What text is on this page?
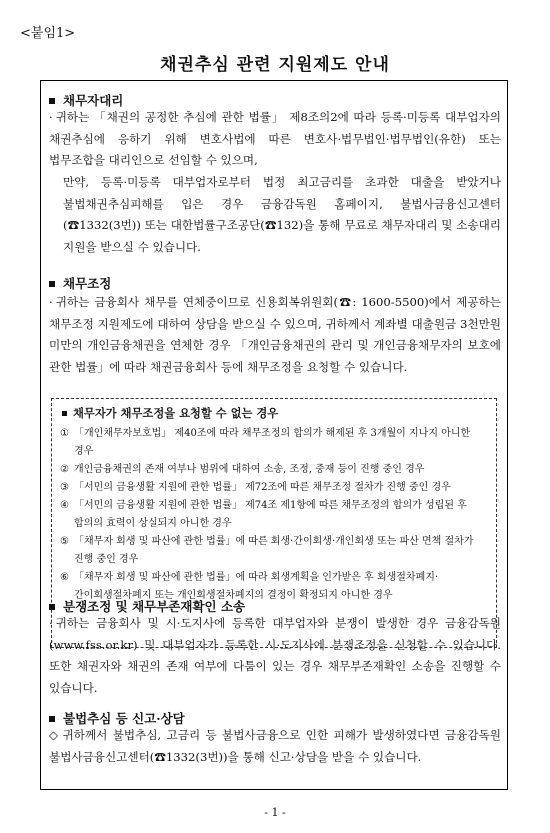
<붙임1>
채권추심 관련 지원제도 안내
채무자대리
· 귀하는 「채권의 공정한 추심에 관한 법률」 제8조의2에 따라 등록·미등록 대부업자의 채권추심에 응하기 위해 변호사법에 따른 변호사·법무법인·법무법인(유한) 또는 법무조합을 대리인으로 선임할 수 있으며,
만약, 등록·미등록 대부업자로부터 법정 최고금리를 초과한 대출을 받았거나 불법채권추심피해를 입은 경우 금융감독원 홈페이지, 불법사금융신고센터(☎1332(3번)) 또는 대한법률구조공단(☎132)을 통해 무료로 채무자대리 및 소송대리 지원을 받으실 수 있습니다.
채무조정
· 귀하는 금융회사 채무를 연체중이므로 신용회복위원회(☎: 1600-5500)에서 제공하는 채무조정 지원제도에 대하여 상담을 받으실 수 있으며, 귀하께서 계좌별 대출원금 3천만원 미만의 개인금융채권을 연체한 경우 「개인금융채권의 관리 및 개인금융채무자의 보호에 관한 법률」에 따라 채권금융회사 등에 채무조정을 요청할 수 있습니다.
채무자가 채무조정을 요청할 수 없는 경우
① 「개인채무자보호법」 제40조에 따라 채무조정의 합의가 해제된 후 3개월이 지나지 아니한 경우
② 개인금융채권의 존재 여부나 범위에 대하여 소송, 조정, 중재 등이 진행 중인 경우
③ 「서민의 금융생활 지원에 관한 법률」 제72조에 따른 채무조정 절차가 진행 중인 경우
④ 「서민의 금융생활 지원에 관한 법률」 제74조 제1항에 따른 채무조정의 합의가 성립된 후 합의의 효력이 상실되지 아니한 경우
⑤ 「채무자 회생 및 파산에 관한 법률」에 따른 회생·간이회생·개인회생 또는 파산 면책 절차가 진행 중인 경우
⑥ 「채무자 회생 및 파산에 관한 법률」에 따라 회생계획을 인가받은 후 회생절차폐지·간이회생절차폐지 또는 개인회생절차폐지의 결정이 확정되지 아니한 경우
분쟁조정 및 채무부존재확인 소송
· 귀하는 금융회사 및 시·도지사에 등록한 대부업자와 분쟁이 발생한 경우 금융감독원(www.fss.or.kr) 및 대부업자가 등록한 시·도지사에 분쟁조정을 신청할 수 있습니다. 또한 채권자와 채권의 존재 여부에 다툼이 있는 경우 채무부존재확인 소송을 진행할 수 있습니다.
불법추심 등 신고·상담
◇ 귀하께서 불법추심, 고금리 등 불법사금융으로 인한 피해가 발생하였다면 금융감독원 불법사금융신고센터(☎1332(3번))을 통해 신고·상담을 받을 수 있습니다.
- 1 -
